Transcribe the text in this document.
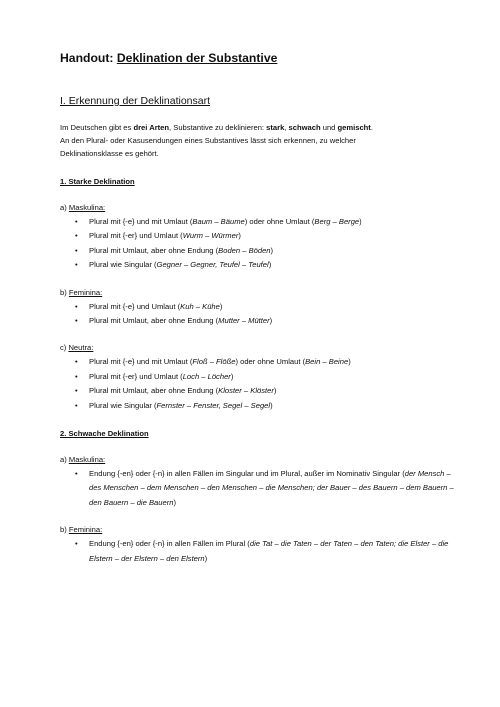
Handout: Deklination der Substantive
I. Erkennung der Deklinationsart

Im Deutschen gibt es drei Arten, Substantive zu deklinieren: stark, schwach und gemischt.
An den Plural- oder Kasusendungen eines Substantives lässt sich erkennen, zu welcher
Deklinationsklasse es gehört.

1. Starke Deklination
a) Maskulina:
• Plural mit {-e} und mit Umlaut (Baum – Bäume) oder ohne Umlaut (Berg – Berge)
• Plural mit {-er} und Umlaut (Wurm – Würmer)
• Plural mit Umlaut, aber ohne Endung (Boden – Böden)
• Plural wie Singular (Gegner – Gegner, Teufel – Teufel)
b) Feminina:
• Plural mit {-e} und Umlaut (Kuh – Kühe)
• Plural mit Umlaut, aber ohne Endung (Mutter – Mütter)
c) Neutra:
• Plural mit {-e} und mit Umlaut (Floß – Flöße) oder ohne Umlaut (Bein – Beine)
• Plural mit {-er} und Umlaut (Loch – Löcher)
• Plural mit Umlaut, aber ohne Endung (Kloster – Klöster)
• Plural wie Singular (Fernster – Fenster, Segel – Segel)
2. Schwache Deklination
a) Maskulina:
• Endung {-en} oder {-n} in allen Fällen im Singular und im Plural, außer im Nominativ Singular (der Mensch – des Menschen – dem Menschen – den Menschen – die Menschen; der Bauer – des Bauern – dem Bauern – den Bauern – die Bauern)
b) Feminina:
• Endung {-en} oder {-n} in allen Fällen im Plural (die Tat – die Taten – der Taten – den Taten; die Elster – die Elstern – der Elstern – den Elstern)
